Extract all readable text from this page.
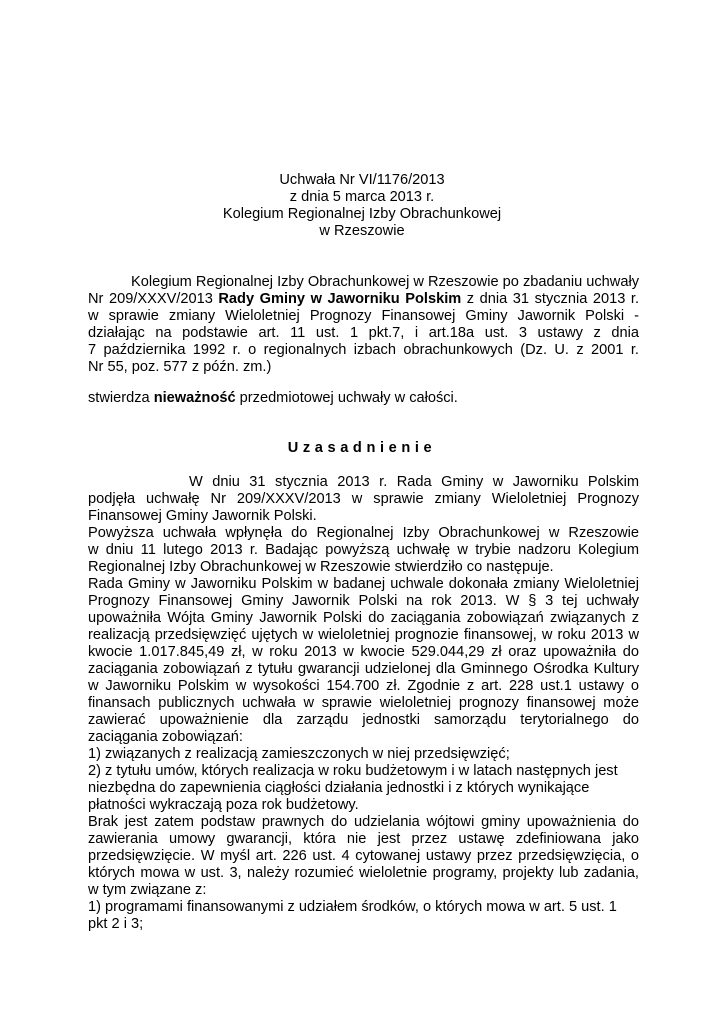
Uchwała Nr VI/1176/2013
z dnia 5 marca 2013 r.
Kolegium Regionalnej Izby Obrachunkowej
w Rzeszowie
Kolegium Regionalnej Izby Obrachunkowej w Rzeszowie po zbadaniu uchwały
Nr 209/XXXV/2013 Rady Gminy w Jaworniku Polskim z dnia 31 stycznia 2013 r.
w sprawie zmiany Wieloletniej Prognozy Finansowej Gminy Jawornik Polski -
działając na podstawie art. 11 ust. 1 pkt.7, i art.18a ust. 3 ustawy z dnia
7 października 1992 r. o regionalnych izbach obrachunkowych (Dz. U. z 2001 r.
Nr 55, poz. 577 z późn. zm.)
stwierdza nieważność przedmiotowej uchwały w całości.
Uzasadnienie
W dniu 31 stycznia 2013 r. Rada Gminy w Jaworniku Polskim
podjęła uchwałę Nr 209/XXXV/2013 w sprawie zmiany Wieloletniej Prognozy
Finansowej Gminy Jawornik Polski.
Powyższa uchwała wpłynęła do Regionalnej Izby Obrachunkowej w Rzeszowie
w dniu 11 lutego 2013 r. Badając powyższą uchwałę w trybie nadzoru Kolegium
Regionalnej Izby Obrachunkowej w Rzeszowie stwierdziło co następuje.
Rada Gminy w Jaworniku Polskim w badanej uchwale dokonała zmiany Wieloletniej
Prognozy Finansowej Gminy Jawornik Polski na rok 2013. W § 3 tej uchwały
upoważniła Wójta Gminy Jawornik Polski do zaciągania zobowiązań związanych z
realizacją przedsięwzięć ujętych w wieloletniej prognozie finansowej, w roku 2013 w
kwocie 1.017.845,49 zł, w roku 2013 w kwocie 529.044,29 zł oraz upoważniła do
zaciągania zobowiązań z tytułu gwarancji udzielonej dla Gminnego Ośrodka Kultury
w Jaworniku Polskim w wysokości 154.700 zł. Zgodnie z art. 228 ust.1 ustawy o
finansach publicznych uchwała w sprawie wieloletniej prognozy finansowej może
zawierać upoważnienie dla zarządu jednostki samorządu terytorialnego do
zaciągania zobowiązań:
1) związanych z realizacją zamieszczonych w niej przedsięwzięć;
2) z tytułu umów, których realizacja w roku budżetowym i w latach następnych jest
niezbędna do zapewnienia ciągłości działania jednostki i z których wynikające
płatności wykraczają poza rok budżetowy.
Brak jest zatem podstaw prawnych do udzielania wójtowi gminy upoważnienia do
zawierania umowy gwarancji, która nie jest przez ustawę zdefiniowana jako
przedsięwzięcie. W myśl art. 226 ust. 4 cytowanej ustawy przez przedsięwzięcia, o
których mowa w ust. 3, należy rozumieć wieloletnie programy, projekty lub zadania,
w tym związane z:
1) programami finansowanymi z udziałem środków, o których mowa w art. 5 ust. 1
pkt 2 i 3;
